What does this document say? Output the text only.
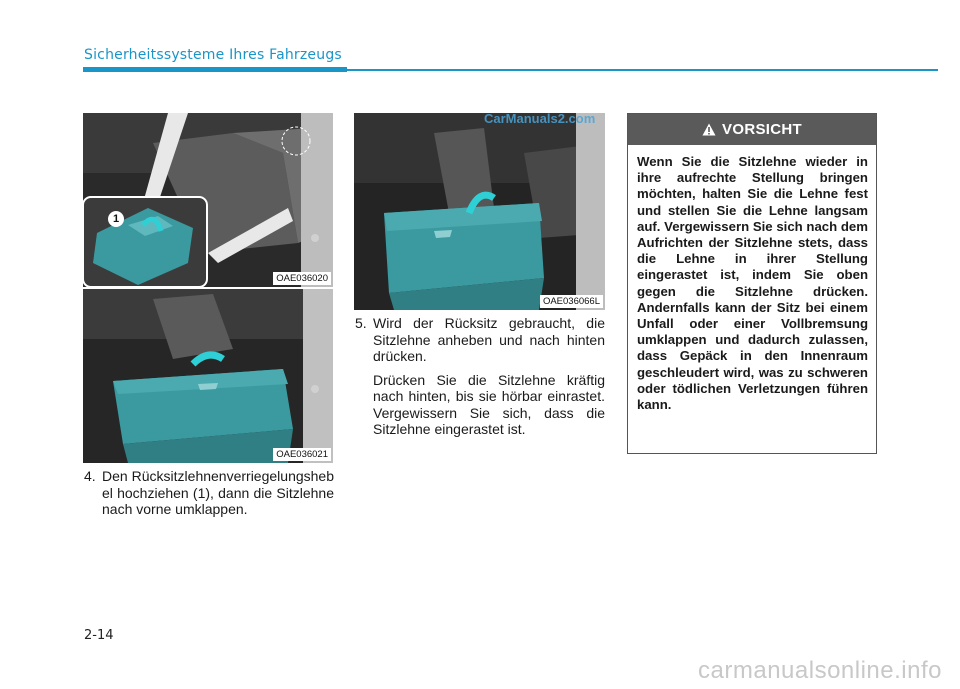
Sicherheitssysteme Ihres Fahrzeugs
1
OAE036020
OAE036021
OAE036066L
CarManuals2.com
4. Den Rücksitzlehnenverriegelungshebel hochziehen (1), dann die Sitzlehne nach vorne umklappen.
5. Wird der Rücksitz gebraucht, die Sitzlehne anheben und nach hinten drücken.
Drücken Sie die Sitzlehne kräftig nach hinten, bis sie hörbar einrastet. Vergewissern Sie sich, dass die Sitzlehne eingerastet ist.
VORSICHT
Wenn Sie die Sitzlehne wieder in ihre aufrechte Stellung bringen möchten, halten Sie die Lehne fest und stellen Sie die Lehne langsam auf. Vergewissern Sie sich nach dem Aufrichten der Sitzlehne stets, dass die Lehne in ihrer Stellung eingerastet ist, indem Sie oben gegen die Sitzlehne drücken. Andernfalls kann der Sitz bei einem Unfall oder einer Vollbremsung umklappen und dadurch zulassen, dass Gepäck in den Innenraum geschleudert wird, was zu schweren oder tödlichen Verletzungen führen kann.
2-14
carmanualsonline.info
